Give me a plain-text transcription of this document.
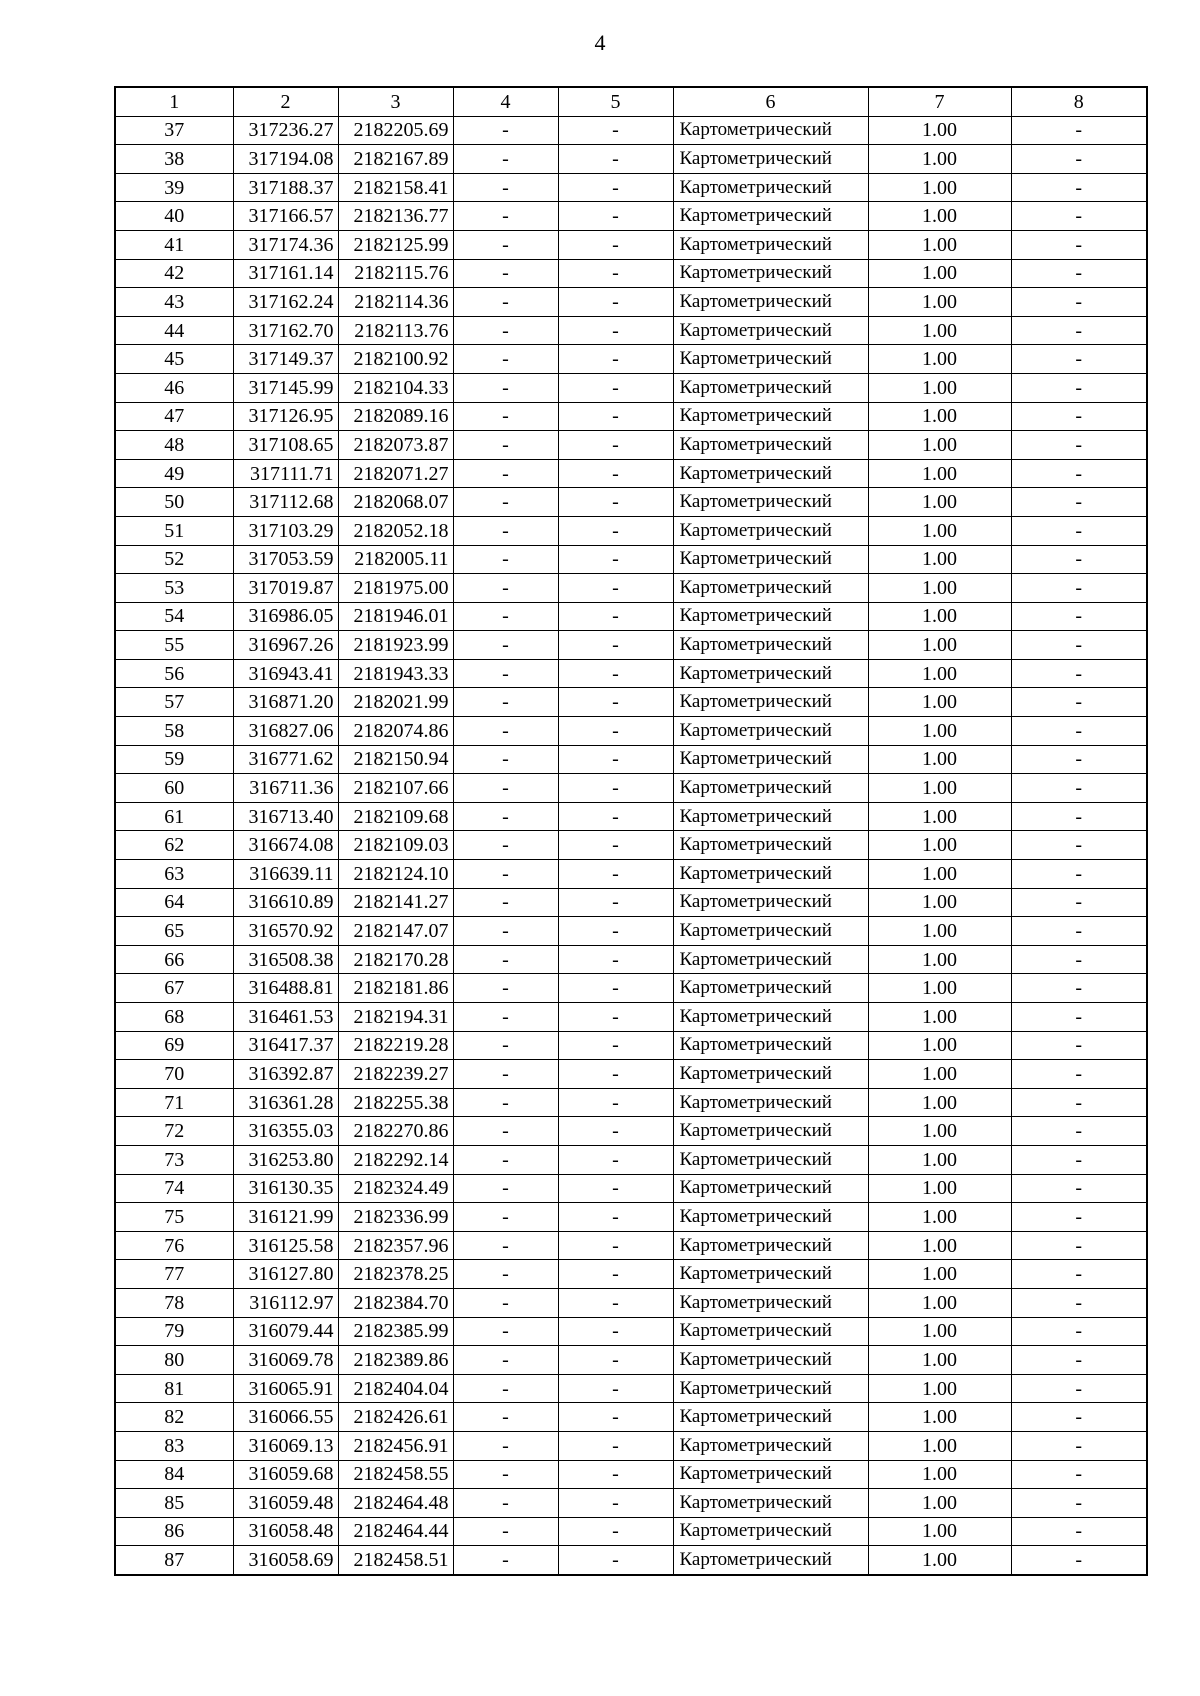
4
1	2	3	4	5	6	7	8
37	317236.27	2182205.69	-	-	Картометрический	1.00	-
38	317194.08	2182167.89	-	-	Картометрический	1.00	-
39	317188.37	2182158.41	-	-	Картометрический	1.00	-
40	317166.57	2182136.77	-	-	Картометрический	1.00	-
41	317174.36	2182125.99	-	-	Картометрический	1.00	-
42	317161.14	2182115.76	-	-	Картометрический	1.00	-
43	317162.24	2182114.36	-	-	Картометрический	1.00	-
44	317162.70	2182113.76	-	-	Картометрический	1.00	-
45	317149.37	2182100.92	-	-	Картометрический	1.00	-
46	317145.99	2182104.33	-	-	Картометрический	1.00	-
47	317126.95	2182089.16	-	-	Картометрический	1.00	-
48	317108.65	2182073.87	-	-	Картометрический	1.00	-
49	317111.71	2182071.27	-	-	Картометрический	1.00	-
50	317112.68	2182068.07	-	-	Картометрический	1.00	-
51	317103.29	2182052.18	-	-	Картометрический	1.00	-
52	317053.59	2182005.11	-	-	Картометрический	1.00	-
53	317019.87	2181975.00	-	-	Картометрический	1.00	-
54	316986.05	2181946.01	-	-	Картометрический	1.00	-
55	316967.26	2181923.99	-	-	Картометрический	1.00	-
56	316943.41	2181943.33	-	-	Картометрический	1.00	-
57	316871.20	2182021.99	-	-	Картометрический	1.00	-
58	316827.06	2182074.86	-	-	Картометрический	1.00	-
59	316771.62	2182150.94	-	-	Картометрический	1.00	-
60	316711.36	2182107.66	-	-	Картометрический	1.00	-
61	316713.40	2182109.68	-	-	Картометрический	1.00	-
62	316674.08	2182109.03	-	-	Картометрический	1.00	-
63	316639.11	2182124.10	-	-	Картометрический	1.00	-
64	316610.89	2182141.27	-	-	Картометрический	1.00	-
65	316570.92	2182147.07	-	-	Картометрический	1.00	-
66	316508.38	2182170.28	-	-	Картометрический	1.00	-
67	316488.81	2182181.86	-	-	Картометрический	1.00	-
68	316461.53	2182194.31	-	-	Картометрический	1.00	-
69	316417.37	2182219.28	-	-	Картометрический	1.00	-
70	316392.87	2182239.27	-	-	Картометрический	1.00	-
71	316361.28	2182255.38	-	-	Картометрический	1.00	-
72	316355.03	2182270.86	-	-	Картометрический	1.00	-
73	316253.80	2182292.14	-	-	Картометрический	1.00	-
74	316130.35	2182324.49	-	-	Картометрический	1.00	-
75	316121.99	2182336.99	-	-	Картометрический	1.00	-
76	316125.58	2182357.96	-	-	Картометрический	1.00	-
77	316127.80	2182378.25	-	-	Картометрический	1.00	-
78	316112.97	2182384.70	-	-	Картометрический	1.00	-
79	316079.44	2182385.99	-	-	Картометрический	1.00	-
80	316069.78	2182389.86	-	-	Картометрический	1.00	-
81	316065.91	2182404.04	-	-	Картометрический	1.00	-
82	316066.55	2182426.61	-	-	Картометрический	1.00	-
83	316069.13	2182456.91	-	-	Картометрический	1.00	-
84	316059.68	2182458.55	-	-	Картометрический	1.00	-
85	316059.48	2182464.48	-	-	Картометрический	1.00	-
86	316058.48	2182464.44	-	-	Картометрический	1.00	-
87	316058.69	2182458.51	-	-	Картометрический	1.00	-
